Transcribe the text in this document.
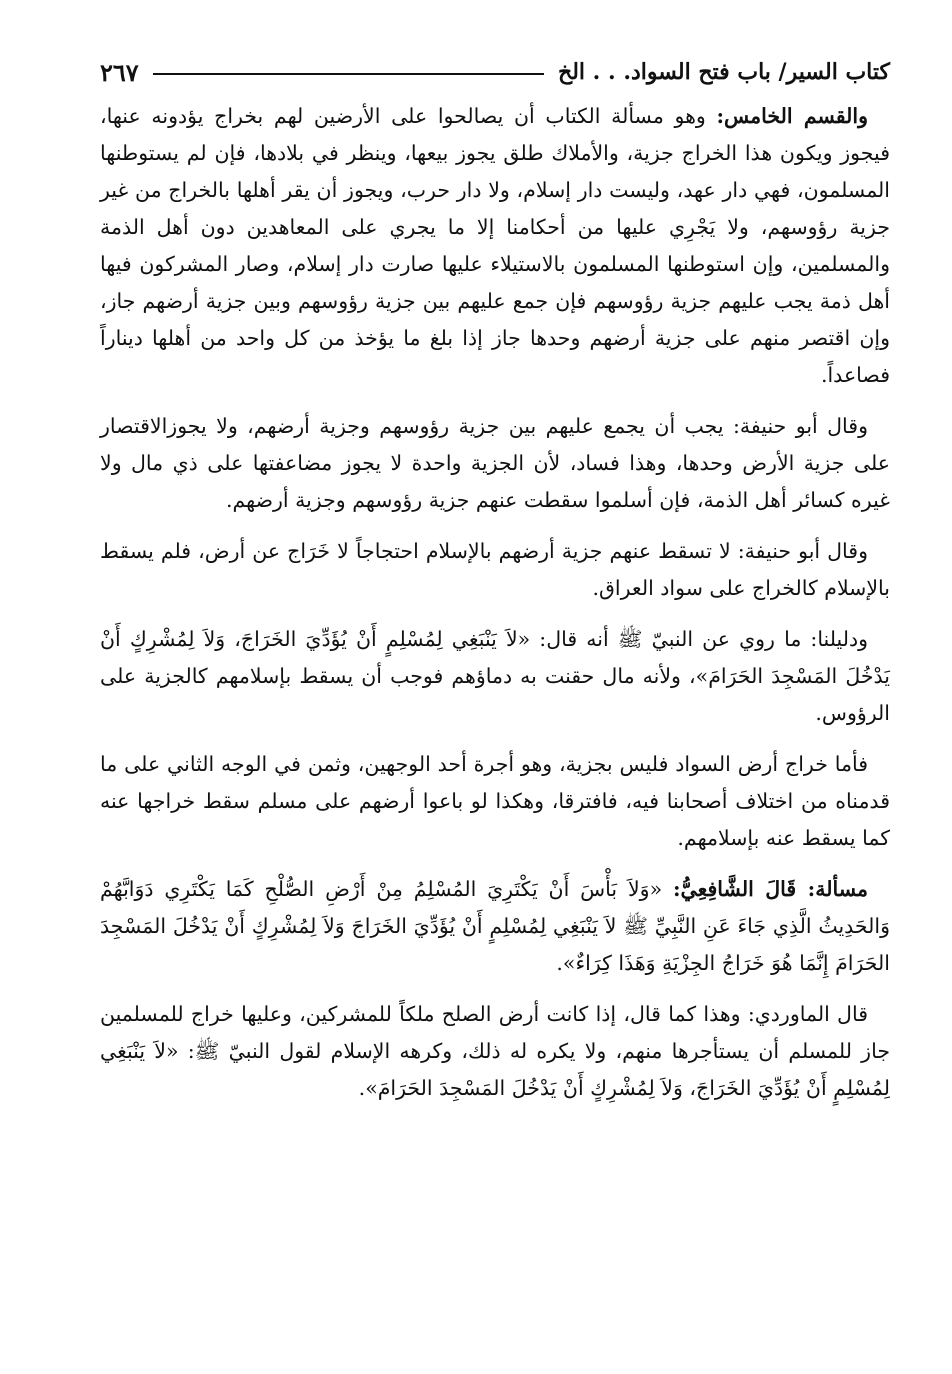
كتاب السير/ باب فتح السواد. . . الخ
٢٦٧

والقسم الخامس: وهو مسألة الكتاب أن يصالحوا على الأرضين لهم بخراج يؤدونه عنها، فيجوز ويكون هذا الخراج جزية، والأملاك طلق يجوز بيعها، وينظر في بلادها، فإن لم يستوطنها المسلمون، فهي دار عهد، وليست دار إسلام، ولا دار حرب، ويجوز أن يقر أهلها بالخراج من غير جزية رؤوسهم، ولا يَجْرِي عليها من أحكامنا إلا ما يجري على المعاهدين دون أهل الذمة والمسلمين، وإن استوطنها المسلمون بالاستيلاء عليها صارت دار إسلام، وصار المشركون فيها أهل ذمة يجب عليهم جزية رؤوسهم فإن جمع عليهم بين جزية رؤوسهم وبين جزية أرضهم جاز، وإن اقتصر منهم على جزية أرضهم وحدها جاز إذا بلغ ما يؤخذ من كل واحد من أهلها ديناراً فصاعداً.

وقال أبو حنيفة: يجب أن يجمع عليهم بين جزية رؤوسهم وجزية أرضهم، ولا يجوزالاقتصار على جزية الأرض وحدها، وهذا فساد، لأن الجزية واحدة لا يجوز مضاعفتها على ذي مال ولا غيره كسائر أهل الذمة، فإن أسلموا سقطت عنهم جزية رؤوسهم وجزية أرضهم.

وقال أبو حنيفة: لا تسقط عنهم جزية أرضهم بالإسلام احتجاجاً لا خَرَاج عن أرض، فلم يسقط بالإسلام كالخراج على سواد العراق.

ودليلنا: ما روي عن النبيّ ﷺ أنه قال: «لاَ يَنْبَغِي لِمُسْلِمٍ أَنْ يُؤَدِّيَ الخَرَاجَ، وَلاَ لِمُشْرِكٍ أَنْ يَدْخُلَ المَسْجِدَ الحَرَامَ»، ولأنه مال حقنت به دماؤهم فوجب أن يسقط بإسلامهم كالجزية على الرؤوس.

فأما خراج أرض السواد فليس بجزية، وهو أجرة أحد الوجهين، وثمن في الوجه الثاني على ما قدمناه من اختلاف أصحابنا فيه، فافترقا، وهكذا لو باعوا أرضهم على مسلم سقط خراجها عنه كما يسقط عنه بإسلامهم.

مسألة: قَالَ الشَّافِعِيُّ: «وَلاَ بَأْسَ أَنْ يَكْتَرِيَ المُسْلِمُ مِنْ أَرْضِ الصُّلْحِ كَمَا يَكْتَرِي دَوَابَّهُمْ وَالحَدِيثُ الَّذِي جَاءَ عَنِ النَّبِيِّ ﷺ لاَ يَنْبَغِي لِمُسْلِمٍ أَنْ يُؤَدِّيَ الخَرَاجَ وَلاَ لِمُشْرِكٍ أَنْ يَدْخُلَ المَسْجِدَ الحَرَامَ إِنَّمَا هُوَ خَرَاجُ الجِزْيَةِ وَهَذَا كِرَاءٌ».

قال الماوردي: وهذا كما قال، إذا كانت أرض الصلح ملكاً للمشركين، وعليها خراج للمسلمين جاز للمسلم أن يستأجرها منهم، ولا يكره له ذلك، وكرهه الإسلام لقول النبيّ ﷺ: «لاَ يَنْبَغِي لِمُسْلِمٍ أَنْ يُؤَدِّيَ الخَرَاجَ، وَلاَ لِمُشْرِكٍ أَنْ يَدْخُلَ المَسْجِدَ الحَرَامَ».
